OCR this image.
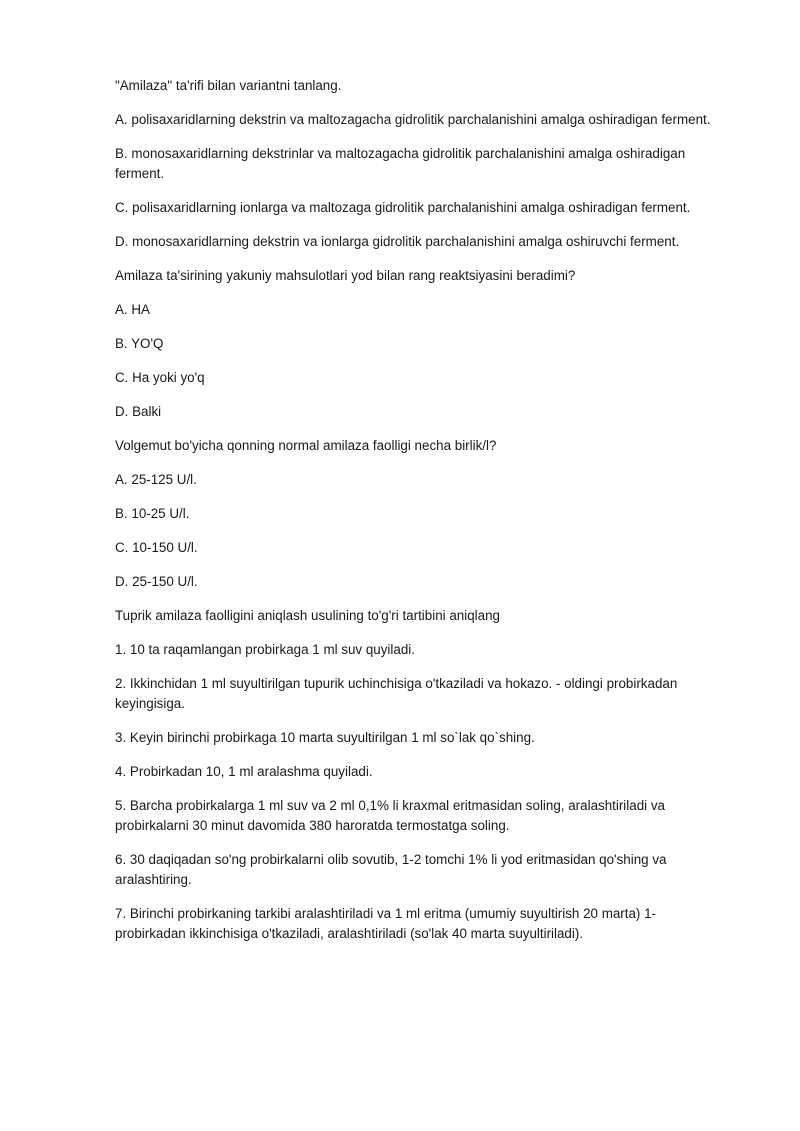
"Amilaza" ta'rifi bilan variantni tanlang.

A. polisaxaridlarning dekstrin va maltozagacha gidrolitik parchalanishini amalga oshiradigan ferment.

B. monosaxaridlarning dekstrinlar va maltozagacha gidrolitik parchalanishini amalga oshiradigan ferment.

C. polisaxaridlarning ionlarga va maltozaga gidrolitik parchalanishini amalga oshiradigan ferment.

D. monosaxaridlarning dekstrin va ionlarga gidrolitik parchalanishini amalga oshiruvchi ferment.

Amilaza ta'sirining yakuniy mahsulotlari yod bilan rang reaktsiyasini beradimi?

A. HA

B. YO'Q

C. Ha yoki yo'q

D. Balki

Volgemut bo'yicha qonning normal amilaza faolligi necha birlik/l?

A. 25-125 U/l.

B. 10-25 U/l.

C. 10-150 U/l.

D. 25-150 U/l.

Tuprik amilaza faolligini aniqlash usulining to'g'ri tartibini aniqlang

1. 10 ta raqamlangan probirkaga 1 ml suv quyiladi.

2. Ikkinchidan 1 ml suyultirilgan tupurik uchinchisiga o'tkaziladi va hokazo. - oldingi probirkadan keyingisiga.

3. Keyin birinchi probirkaga 10 marta suyultirilgan 1 ml so`lak qo`shing.

4. Probirkadan 10, 1 ml aralashma quyiladi.

5. Barcha probirkalarga 1 ml suv va 2 ml 0,1% li kraxmal eritmasidan soling, aralashtiriladi va probirkalarni 30 minut davomida 380 haroratda termostatga soling.

6. 30 daqiqadan so'ng probirkalarni olib sovutib, 1-2 tomchi 1% li yod eritmasidan qo'shing va aralashtiring.

7. Birinchi probirkaning tarkibi aralashtiriladi va 1 ml eritma (umumiy suyultirish 20 marta) 1-probirkadan ikkinchisiga o'tkaziladi, aralashtiriladi (so'lak 40 marta suyultiriladi).
